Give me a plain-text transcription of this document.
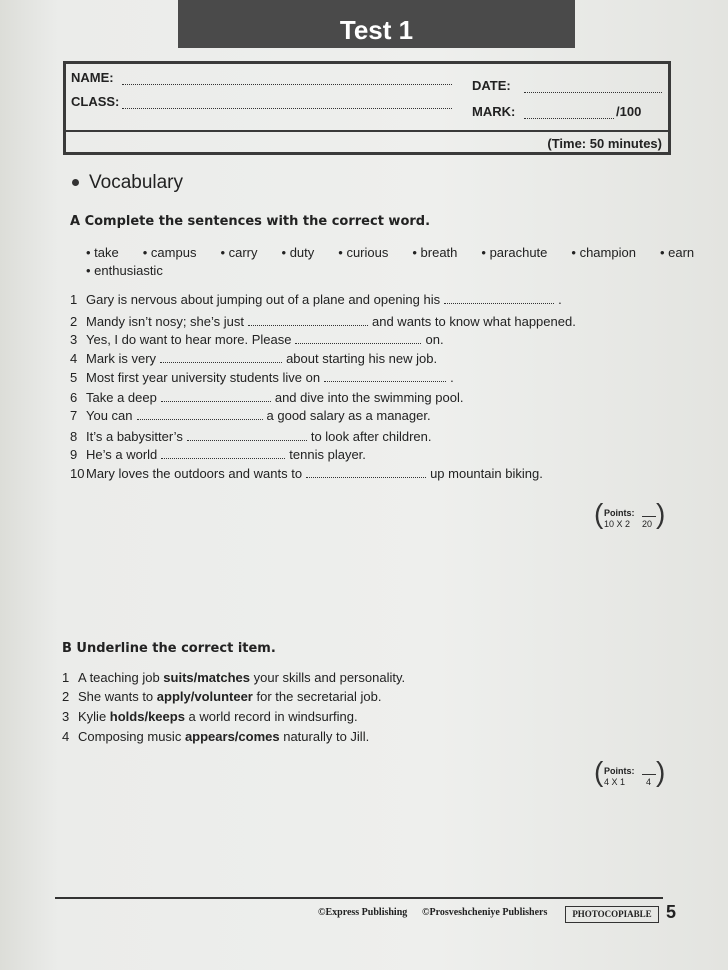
Test 1
NAME:
CLASS:
DATE:
MARK:	/100
(Time: 50 minutes)
Vocabulary
A Complete the sentences with the correct word.
• take • campus • carry • duty • curious • breath • parachute • champion • earn
• enthusiastic
1 Gary is nervous about jumping out of a plane and opening his	.
2 Mandy isn’t nosy; she’s just	and wants to know what happened.
3 Yes, I do want to hear more. Please	on.
4 Mark is very	about starting his new job.
5 Most first year university students live on	.
6 Take a deep	and dive into the swimming pool.
7 You can	a good salary as a manager.
8 It’s a babysitter’s	to look after children.
9 He’s a world	tennis player.
10 Mary loves the outdoors and wants to	up mountain biking.
( Points:
10 X 2 20 )
B Underline the correct item.
1 A teaching job suits/matches your skills and personality.
2 She wants to apply/volunteer for the secretarial job.
3 Kylie holds/keeps a world record in windsurfing.
4 Composing music appears/comes naturally to Jill.
( Points:
4 X 1 4 )
©Express Publishing ©Prosveshcheniye Publishers	PHOTOCOPIABLE 5
